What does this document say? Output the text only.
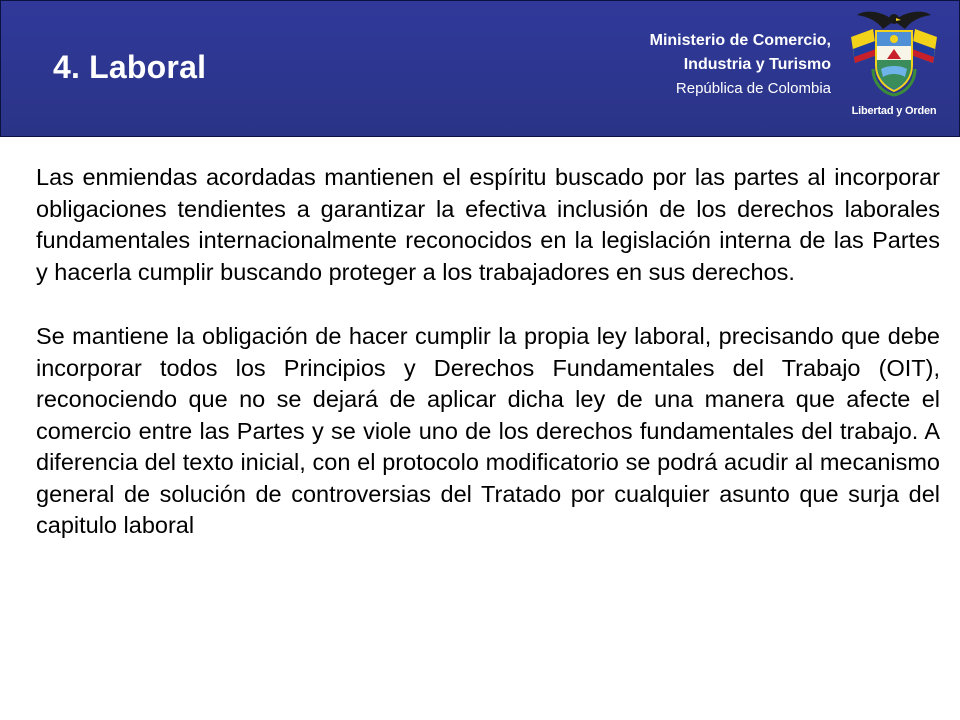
4. Laboral
Ministerio de Comercio,
Industria y Turismo
República de Colombia
Libertad y Orden

Las enmiendas acordadas mantienen el espíritu buscado por las partes al incorporar obligaciones tendientes a garantizar la efectiva inclusión de los derechos laborales fundamentales internacionalmente reconocidos en la legislación interna de las Partes y hacerla cumplir buscando proteger a los trabajadores en sus derechos.

Se mantiene la obligación de hacer cumplir la propia ley laboral, precisando que debe incorporar todos los Principios y Derechos Fundamentales del Trabajo (OIT), reconociendo que no se dejará de aplicar dicha ley de una manera que afecte el comercio entre las Partes y se viole uno de los derechos fundamentales del trabajo. A diferencia del texto inicial, con el protocolo modificatorio se podrá acudir al mecanismo general de solución de controversias del Tratado por cualquier asunto que surja del capitulo laboral
